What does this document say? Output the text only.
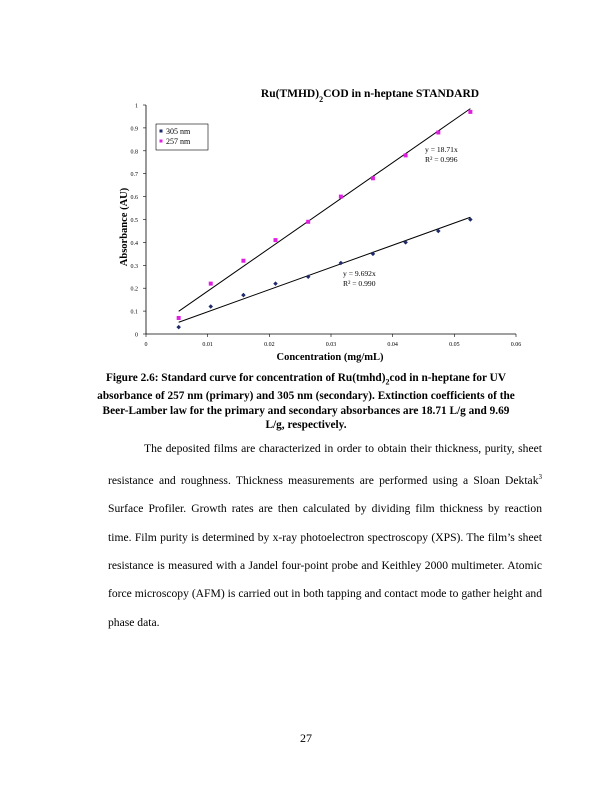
$Ru(TMHD)_2COD$ in n-heptane STANDARD
0
0.1
0.2
0.3
0.4
0.5
0.6
0.7
0.8
0.9
1
0	0.01	0.02	0.03	0.04	0.05	0.06
305 nm
257 nm
y = 18.71x
R² = 0.996
y = 9.692x
R² = 0.990
Concentration (mg/mL)
Absorbance (AU)
Figure 2.6: Standard curve for concentration of $Ru(tmhd)_2cod$ in n-heptane for UV absorbance of 257 nm (primary) and 305 nm (secondary). Extinction coefficients of the Beer-Lamber law for the primary and secondary absorbances are 18.71 L/g and 9.69 L/g, respectively.

The deposited films are characterized in order to obtain their thickness, purity, sheet resistance and roughness. Thickness measurements are performed using a Sloan Dektak$^3$ Surface Profiler. Growth rates are then calculated by dividing film thickness by reaction time. Film purity is determined by x-ray photoelectron spectroscopy (XPS). The film’s sheet resistance is measured with a Jandel four-point probe and Keithley 2000 multimeter. Atomic force microscopy (AFM) is carried out in both tapping and contact mode to gather height and phase data.

27
